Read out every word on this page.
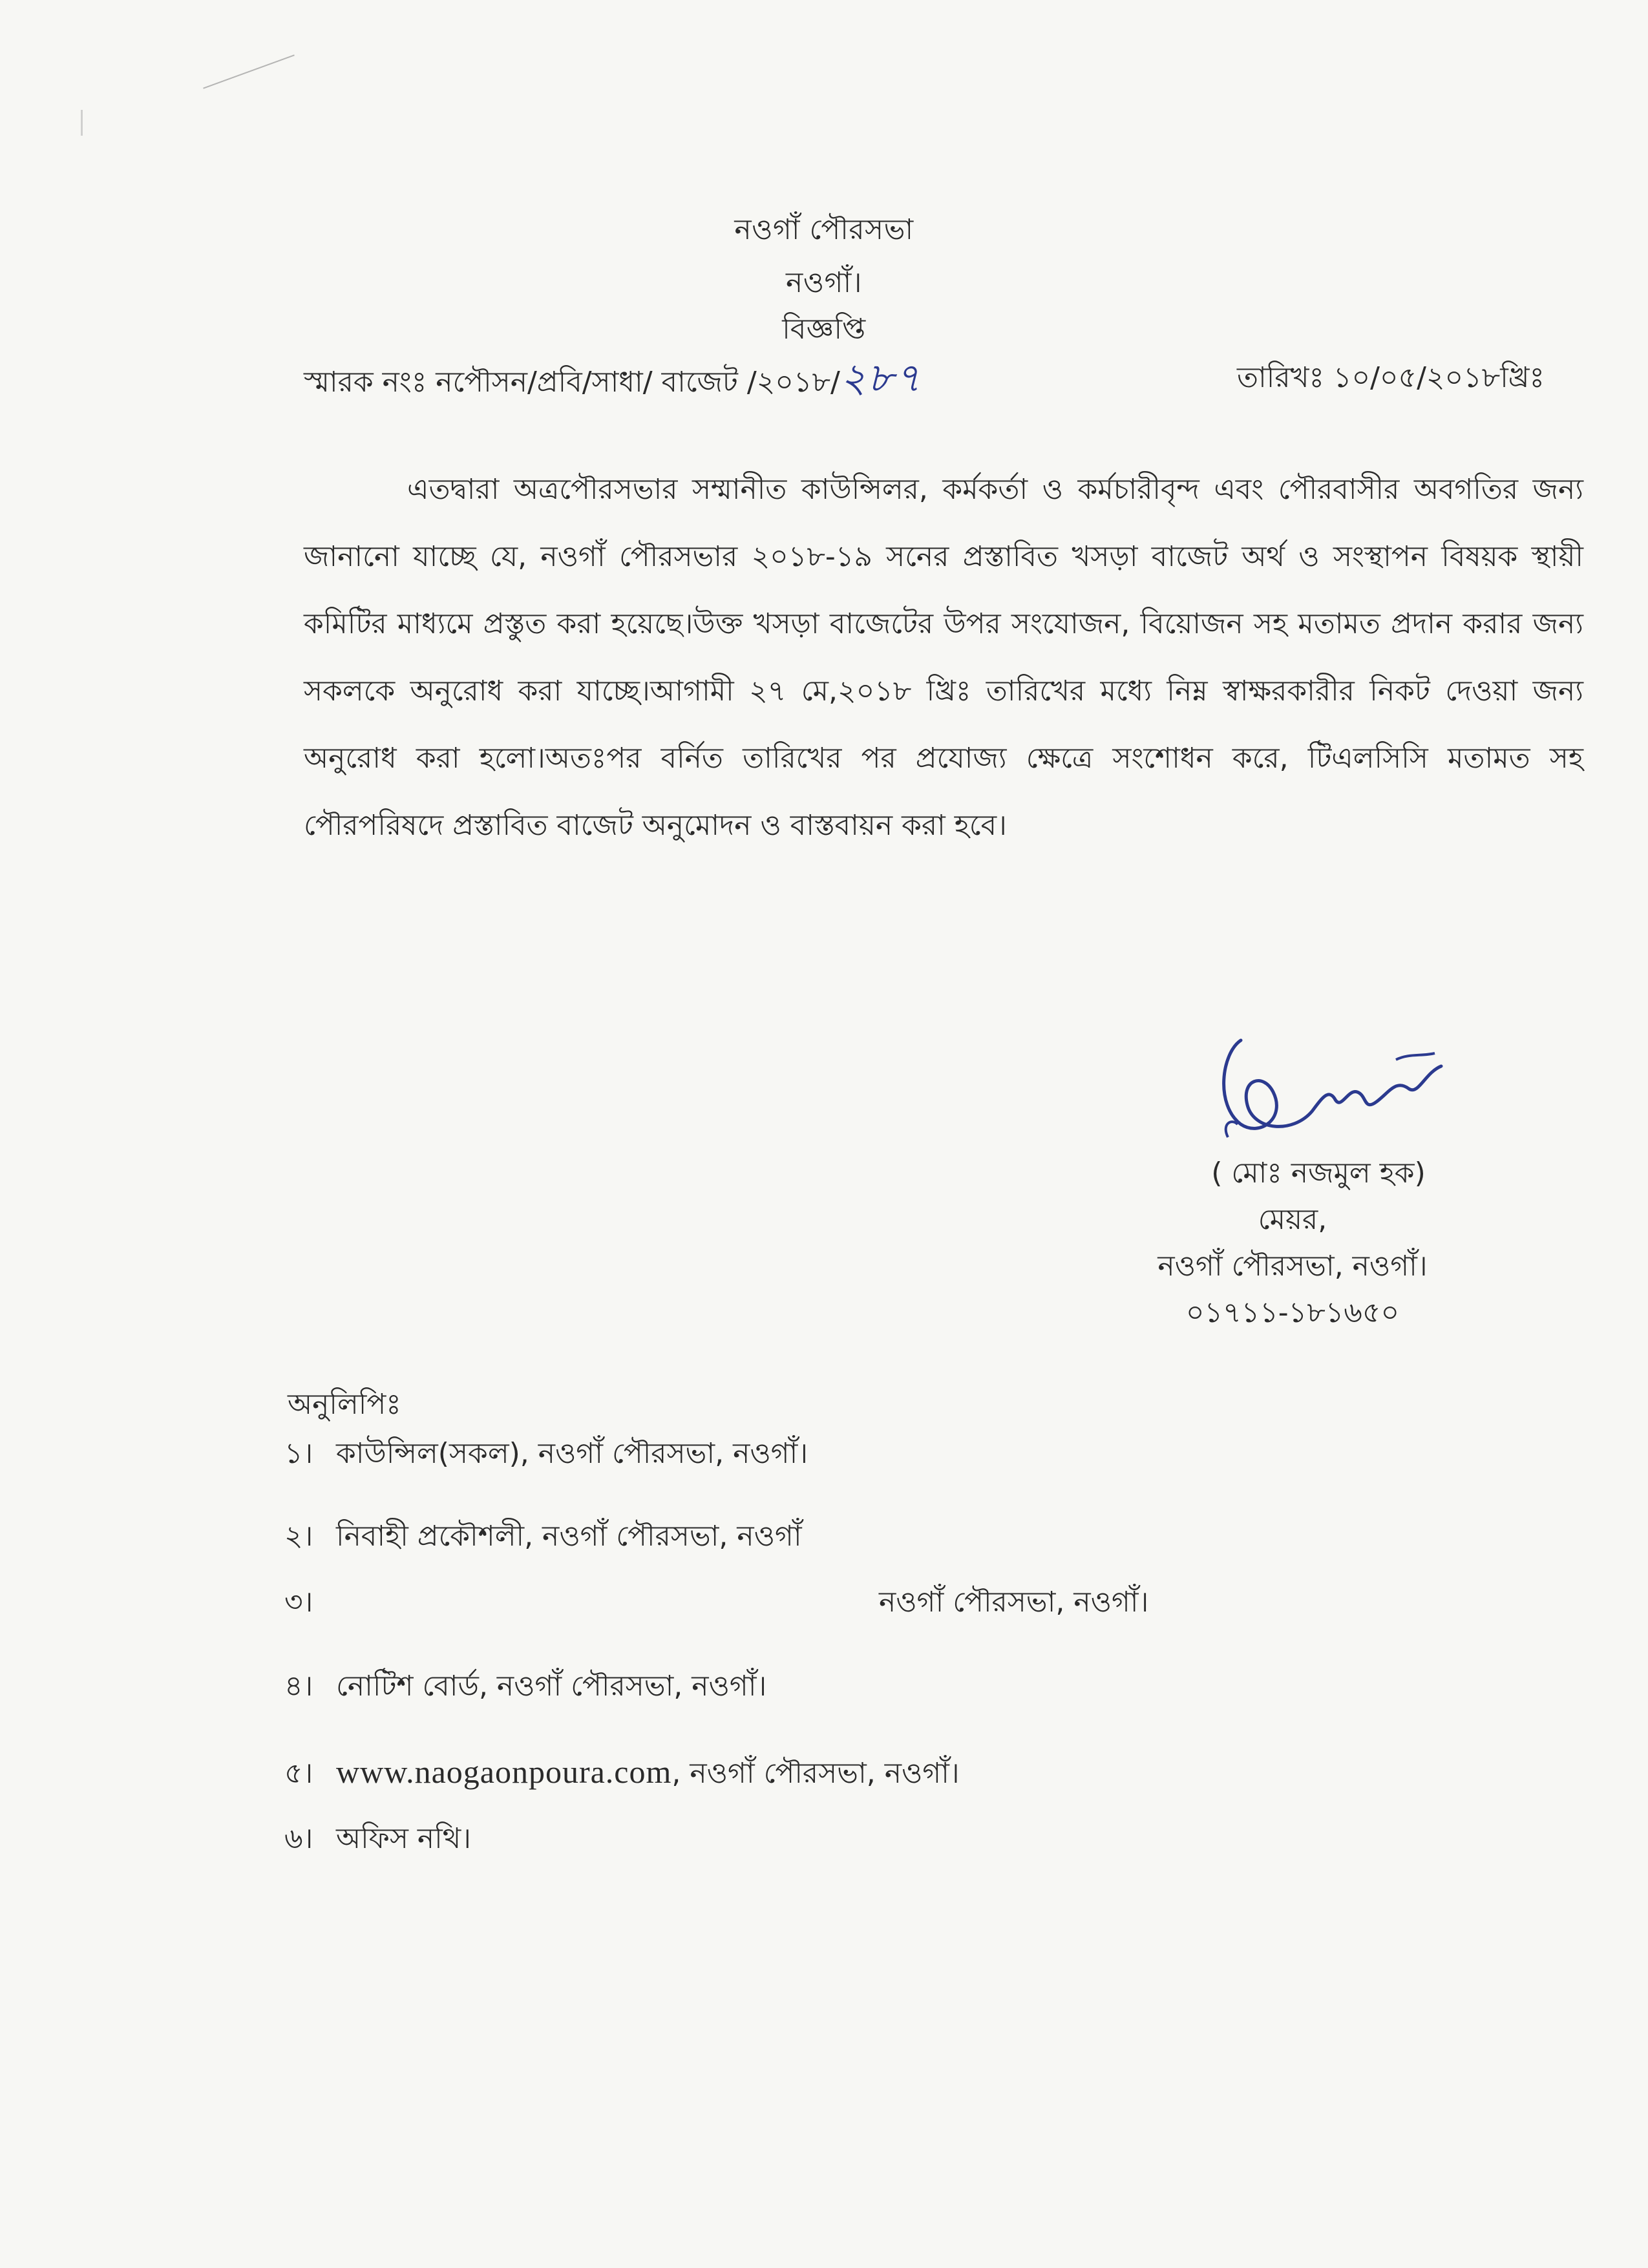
নওগাঁ পৌরসভা
নওগাঁ।
বিজ্ঞপ্তি
স্মারক নংঃ নপৌসন/প্রবি/সাধা/ বাজেট /২০১৮/২৮৭	তারিখঃ ১০/০৫/২০১৮খ্রিঃ

এতদ্বারা অত্রপৌরসভার সম্মানীত কাউন্সিলর, কর্মকর্তা ও কর্মচারীবৃন্দ এবং পৌরবাসীর অবগতির জন্য জানানো যাচ্ছে যে, নওগাঁ পৌরসভার ২০১৮-১৯ সনের প্রস্তাবিত খসড়া বাজেট অর্থ ও সংস্থাপন বিষয়ক স্থায়ী কমিটির মাধ্যমে প্রস্তুত করা হয়েছে।উক্ত খসড়া বাজেটের উপর সংযোজন, বিয়োজন সহ মতামত প্রদান করার জন্য সকলকে অনুরোধ করা যাচ্ছে।আগামী ২৭ মে,২০১৮ খ্রিঃ তারিখের মধ্যে নিম্ন স্বাক্ষরকারীর নিকট দেওয়া জন্য অনুরোধ করা হলো।অতঃপর বর্নিত তারিখের পর প্রযোজ্য ক্ষেত্রে সংশোধন করে, টিএলসিসি মতামত সহ পৌরপরিষদে প্রস্তাবিত বাজেট অনুমোদন ও বাস্তবায়ন করা হবে।

( মোঃ নজমুল হক)
মেয়র,
নওগাঁ পৌরসভা, নওগাঁ।
০১৭১১-১৮১৬৫০
অনুলিপিঃ
১। কাউন্সিল(সকল), নওগাঁ পৌরসভা, নওগাঁ।
২। নিবাহী প্রকৌশলী, নওগাঁ পৌরসভা, নওগাঁ
৩।	নওগাঁ পৌরসভা, নওগাঁ।
৪। নোটিশ বোর্ড, নওগাঁ পৌরসভা, নওগাঁ।
৫। www.naogaonpoura.com, নওগাঁ পৌরসভা, নওগাঁ।
৬। অফিস নথি।
